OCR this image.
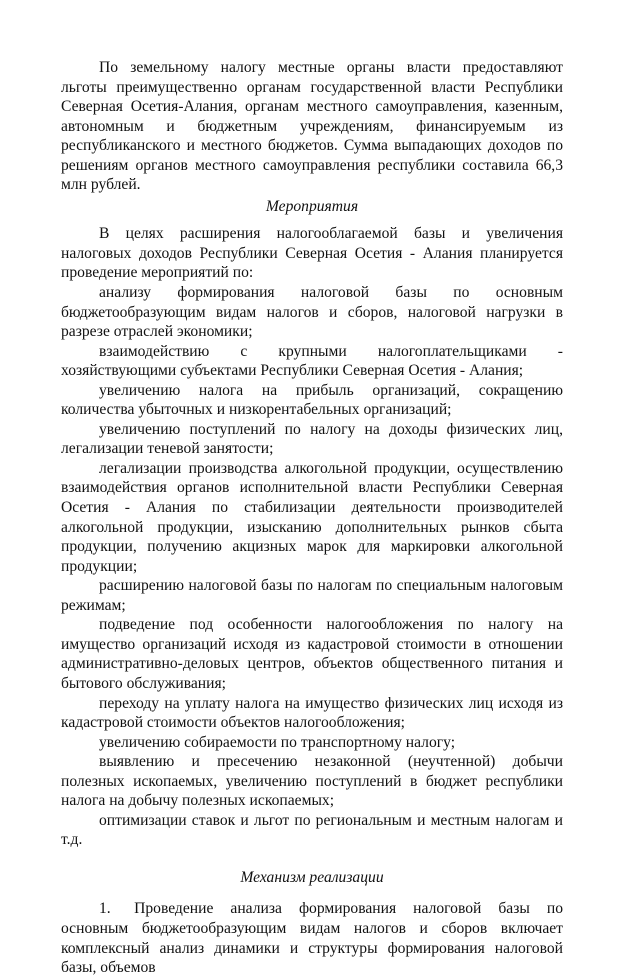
По земельному налогу местные органы власти предоставляют льготы преимущественно органам государственной власти Республики Северная Осетия-Алания, органам местного самоуправления, казенным, автономным и бюджетным учреждениям, финансируемым из республиканского и местного бюджетов. Сумма выпадающих доходов по решениям органов местного самоуправления республики составила 66,3 млн рублей.

Мероприятия

В целях расширения налогооблагаемой базы и увеличения налоговых доходов Республики Северная Осетия - Алания планируется проведение мероприятий по:

анализу формирования налоговой базы по основным бюджетообразующим видам налогов и сборов, налоговой нагрузки в разрезе отраслей экономики;

взаимодействию с крупными налогоплательщиками - хозяйствующими субъектами Республики Северная Осетия - Алания;

увеличению налога на прибыль организаций, сокращению количества убыточных и низкорентабельных организаций;

увеличению поступлений по налогу на доходы физических лиц, легализации теневой занятости;

легализации производства алкогольной продукции, осуществлению взаимодействия органов исполнительной власти Республики Северная Осетия - Алания по стабилизации деятельности производителей алкогольной продукции, изысканию дополнительных рынков сбыта продукции, получению акцизных марок для маркировки алкогольной продукции;

расширению налоговой базы по налогам по специальным налоговым режимам;

подведение под особенности налогообложения по налогу на имущество организаций исходя из кадастровой стоимости в отношении административно-деловых центров, объектов общественного питания и бытового обслуживания;

переходу на уплату налога на имущество физических лиц исходя из кадастровой стоимости объектов налогообложения;

увеличению собираемости по транспортному налогу;

выявлению и пресечению незаконной (неучтенной) добычи полезных ископаемых, увеличению поступлений в бюджет республики налога на добычу полезных ископаемых;

оптимизации ставок и льгот по региональным и местным налогам и т.д.

Механизм реализации

1.  Проведение анализа формирования налоговой базы по основным бюджетообразующим видам налогов и сборов включает комплексный анализ динамики и структуры формирования налоговой базы, объемов
